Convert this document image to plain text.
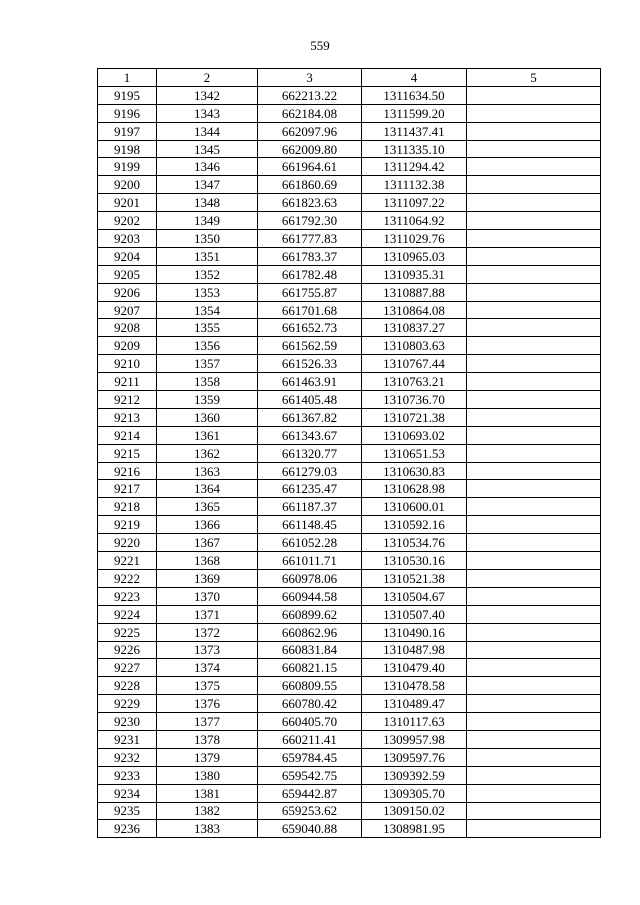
559
1	2	3	4	5
9195	1342	662213.22	1311634.50	
9196	1343	662184.08	1311599.20	
9197	1344	662097.96	1311437.41	
9198	1345	662009.80	1311335.10	
9199	1346	661964.61	1311294.42	
9200	1347	661860.69	1311132.38	
9201	1348	661823.63	1311097.22	
9202	1349	661792.30	1311064.92	
9203	1350	661777.83	1311029.76	
9204	1351	661783.37	1310965.03	
9205	1352	661782.48	1310935.31	
9206	1353	661755.87	1310887.88	
9207	1354	661701.68	1310864.08	
9208	1355	661652.73	1310837.27	
9209	1356	661562.59	1310803.63	
9210	1357	661526.33	1310767.44	
9211	1358	661463.91	1310763.21	
9212	1359	661405.48	1310736.70	
9213	1360	661367.82	1310721.38	
9214	1361	661343.67	1310693.02	
9215	1362	661320.77	1310651.53	
9216	1363	661279.03	1310630.83	
9217	1364	661235.47	1310628.98	
9218	1365	661187.37	1310600.01	
9219	1366	661148.45	1310592.16	
9220	1367	661052.28	1310534.76	
9221	1368	661011.71	1310530.16	
9222	1369	660978.06	1310521.38	
9223	1370	660944.58	1310504.67	
9224	1371	660899.62	1310507.40	
9225	1372	660862.96	1310490.16	
9226	1373	660831.84	1310487.98	
9227	1374	660821.15	1310479.40	
9228	1375	660809.55	1310478.58	
9229	1376	660780.42	1310489.47	
9230	1377	660405.70	1310117.63	
9231	1378	660211.41	1309957.98	
9232	1379	659784.45	1309597.76	
9233	1380	659542.75	1309392.59	
9234	1381	659442.87	1309305.70	
9235	1382	659253.62	1309150.02	
9236	1383	659040.88	1308981.95	
